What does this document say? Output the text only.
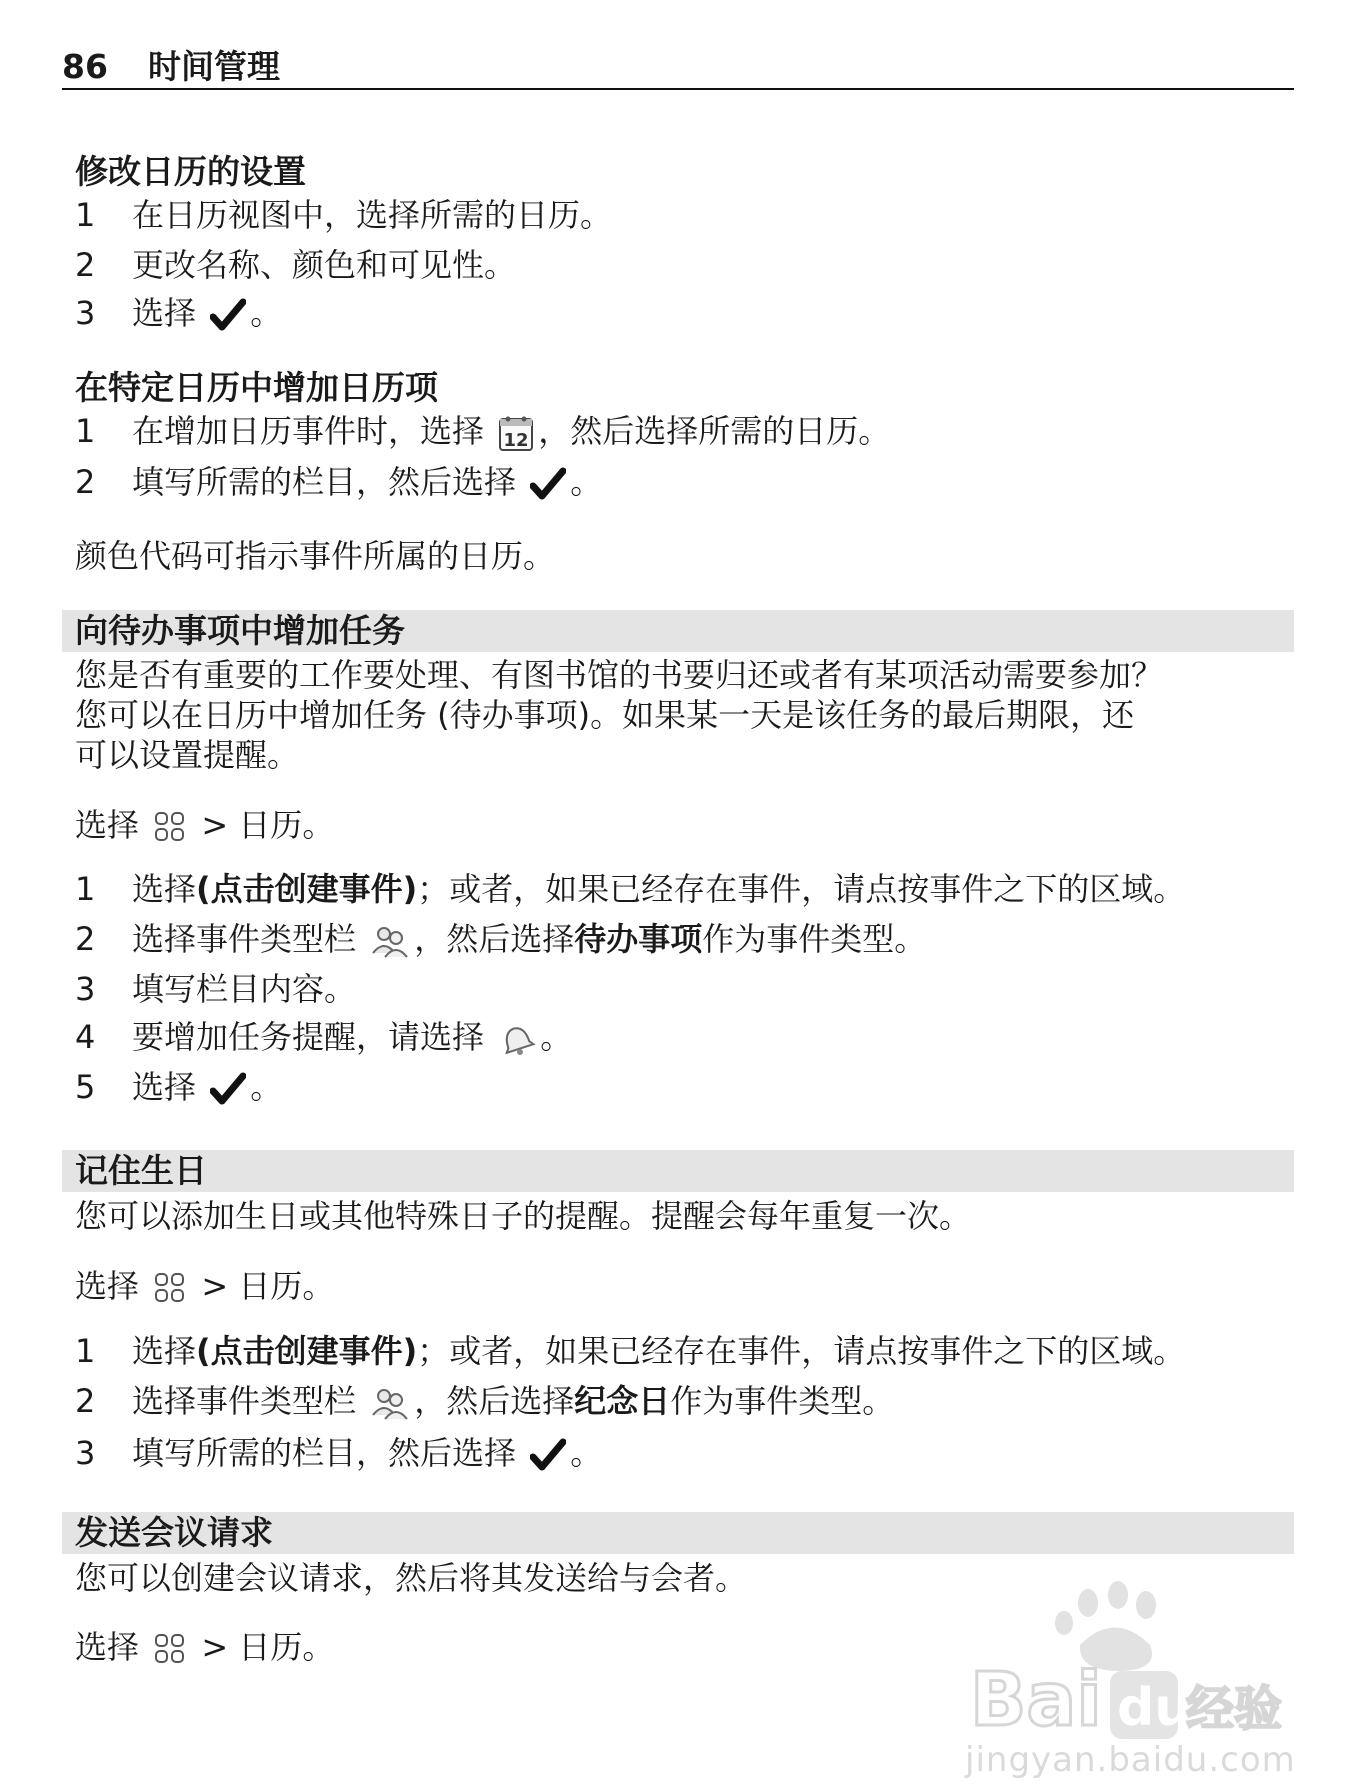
86 时间管理
修改日历的设置
1 在日历视图中，选择所需的日历。
2 更改名称、颜色和可见性。
3 选择 。
在特定日历中增加日历项
1 在增加日历事件时，选择 12 ，然后选择所需的日历。
2 填写所需的栏目，然后选择 。
颜色代码可指示事件所属的日历。
向待办事项中增加任务
您是否有重要的工作要处理、有图书馆的书要归还或者有某项活动需要参加？
您可以在日历中增加任务 (待办事项)。如果某一天是该任务的最后期限，还
可以设置提醒。
选择 > 日历。
1 选择(点击创建事件)；或者，如果已经存在事件，请点按事件之下的区域。
2 选择事件类型栏 ，然后选择待办事项作为事件类型。
3 填写栏目内容。
4 要增加任务提醒，请选择 。
5 选择 。
记住生日
您可以添加生日或其他特殊日子的提醒。提醒会每年重复一次。
选择 > 日历。
1 选择(点击创建事件)；或者，如果已经存在事件，请点按事件之下的区域。
2 选择事件类型栏 ，然后选择纪念日作为事件类型。
3 填写所需的栏目，然后选择 。
发送会议请求
您可以创建会议请求，然后将其发送给与会者。
选择 > 日历。
Bai du
经验
jingyan.baidu.com
